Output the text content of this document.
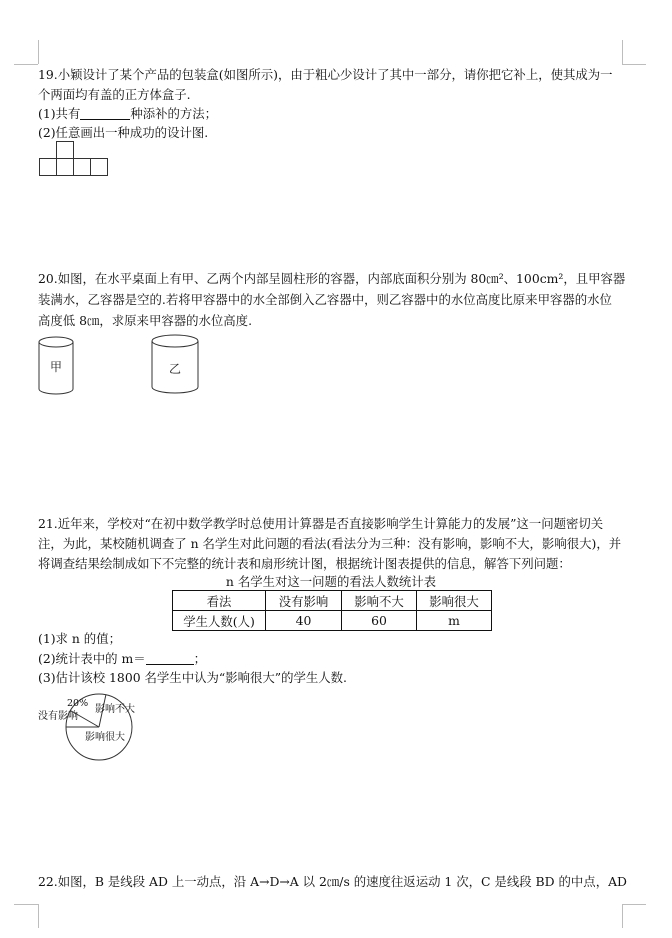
19.小颖设计了某个产品的包装盒(如图所示)，由于粗心少设计了其中一部分，请你把它补上，使其成为一
个两面均有盖的正方体盒子.
(1)共有	种添补的方法；
(2)任意画出一种成功的设计图.
20.如图，在水平桌面上有甲、乙两个内部呈圆柱形的容器，内部底面积分别为 80㎝²、100cm²，且甲容器
装满水，乙容器是空的.若将甲容器中的水全部倒入乙容器中，则乙容器中的水位高度比原来甲容器的水位
高度低 8㎝，求原来甲容器的水位高度.
甲	乙
21.近年来，学校对“在初中数学教学时总使用计算器是否直接影响学生计算能力的发展”这一问题密切关
注，为此，某校随机调查了 n 名学生对此问题的看法(看法分为三种：没有影响，影响不大，影响很大)，并
将调查结果绘制成如下不完整的统计表和扇形统计图，根据统计图表提供的信息，解答下列问题：
n 名学生对这一问题的看法人数统计表
看法	没有影响	影响不大	影响很大
学生人数(人)	40	60	m
(1)求 n 的值；
(2)统计表中的 m＝	；
(3)估计该校 1800 名学生中认为“影响很大”的学生人数.
20%
没有影响
影响不大
影响很大
22.如图，B 是线段 AD 上一动点，沿 A→D→A 以 2㎝/s 的速度往返运动 1 次，C 是线段 BD 的中点，AD
